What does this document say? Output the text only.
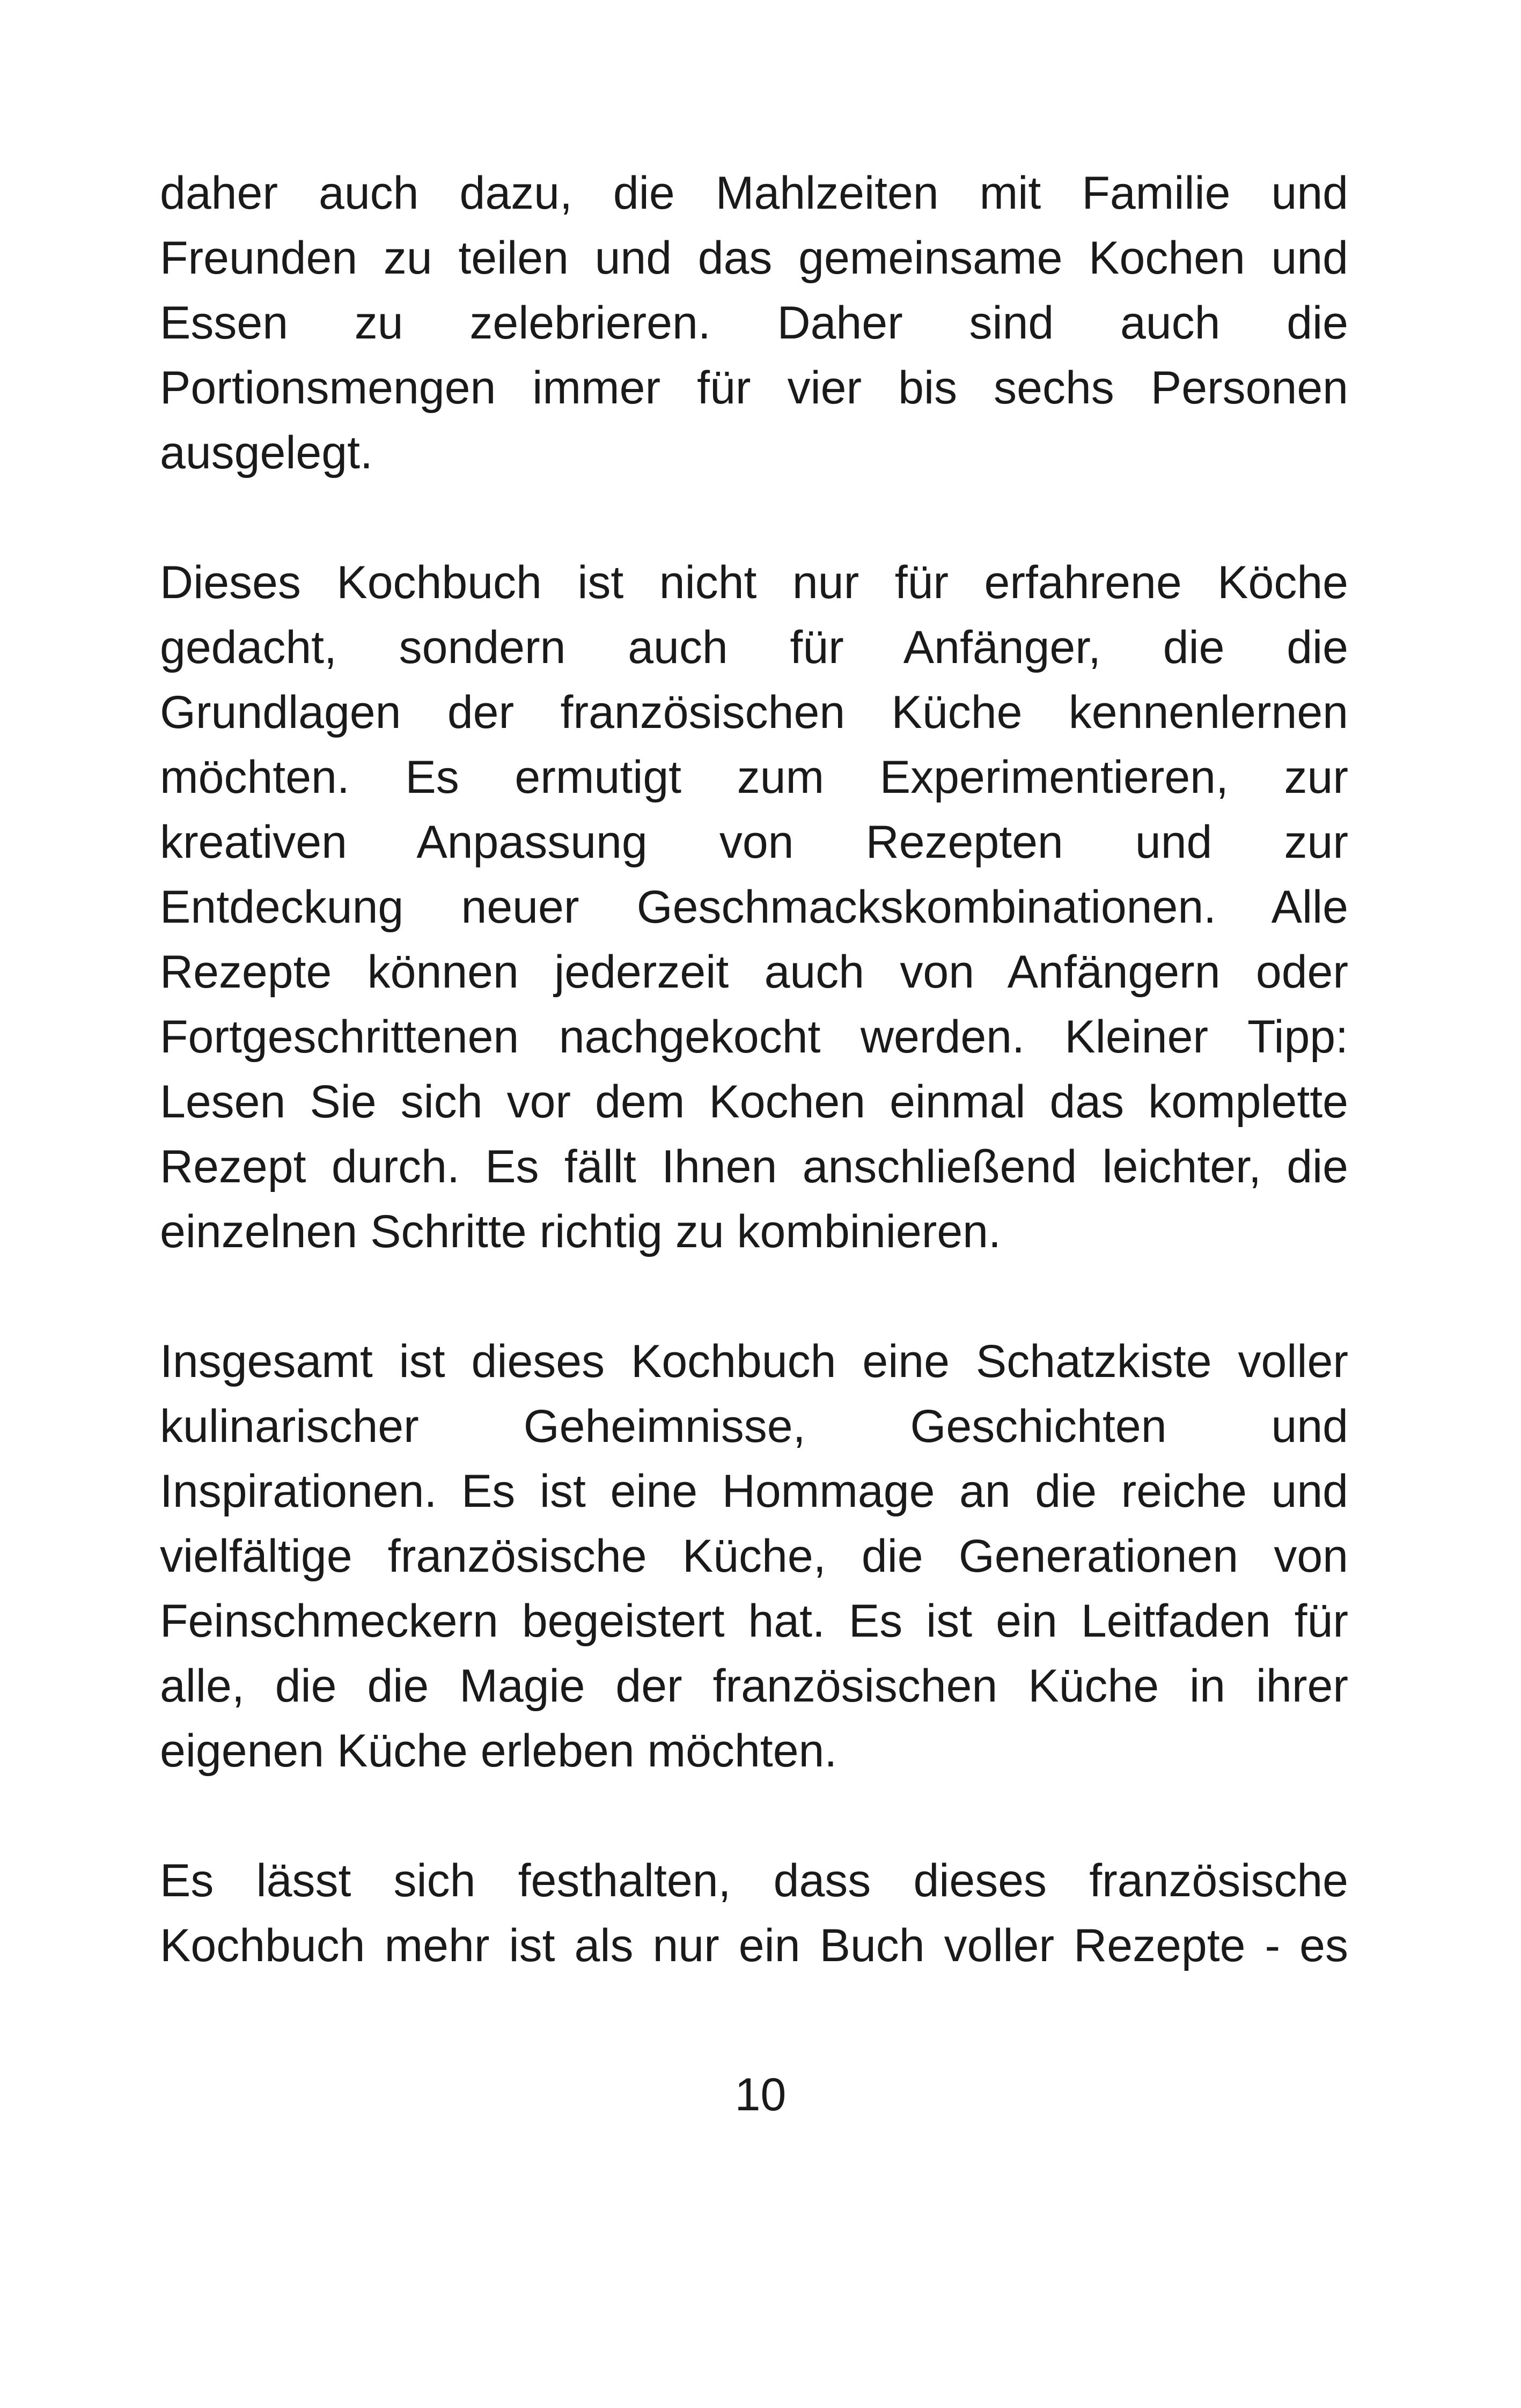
daher auch dazu, die Mahlzeiten mit Familie und
Freunden zu teilen und das gemeinsame Kochen und
Essen zu zelebrieren. Daher sind auch die
Portionsmengen immer für vier bis sechs Personen
ausgelegt.
Dieses Kochbuch ist nicht nur für erfahrene Köche
gedacht, sondern auch für Anfänger, die die
Grundlagen der französischen Küche kennenlernen
möchten. Es ermutigt zum Experimentieren, zur
kreativen Anpassung von Rezepten und zur
Entdeckung neuer Geschmackskombinationen. Alle
Rezepte können jederzeit auch von Anfängern oder
Fortgeschrittenen nachgekocht werden. Kleiner Tipp:
Lesen Sie sich vor dem Kochen einmal das komplette
Rezept durch. Es fällt Ihnen anschließend leichter, die
einzelnen Schritte richtig zu kombinieren.
Insgesamt ist dieses Kochbuch eine Schatzkiste voller
kulinarischer Geheimnisse, Geschichten und
Inspirationen. Es ist eine Hommage an die reiche und
vielfältige französische Küche, die Generationen von
Feinschmeckern begeistert hat. Es ist ein Leitfaden für
alle, die die Magie der französischen Küche in ihrer
eigenen Küche erleben möchten.
Es lässt sich festhalten, dass dieses französische
Kochbuch mehr ist als nur ein Buch voller Rezepte - es
10
